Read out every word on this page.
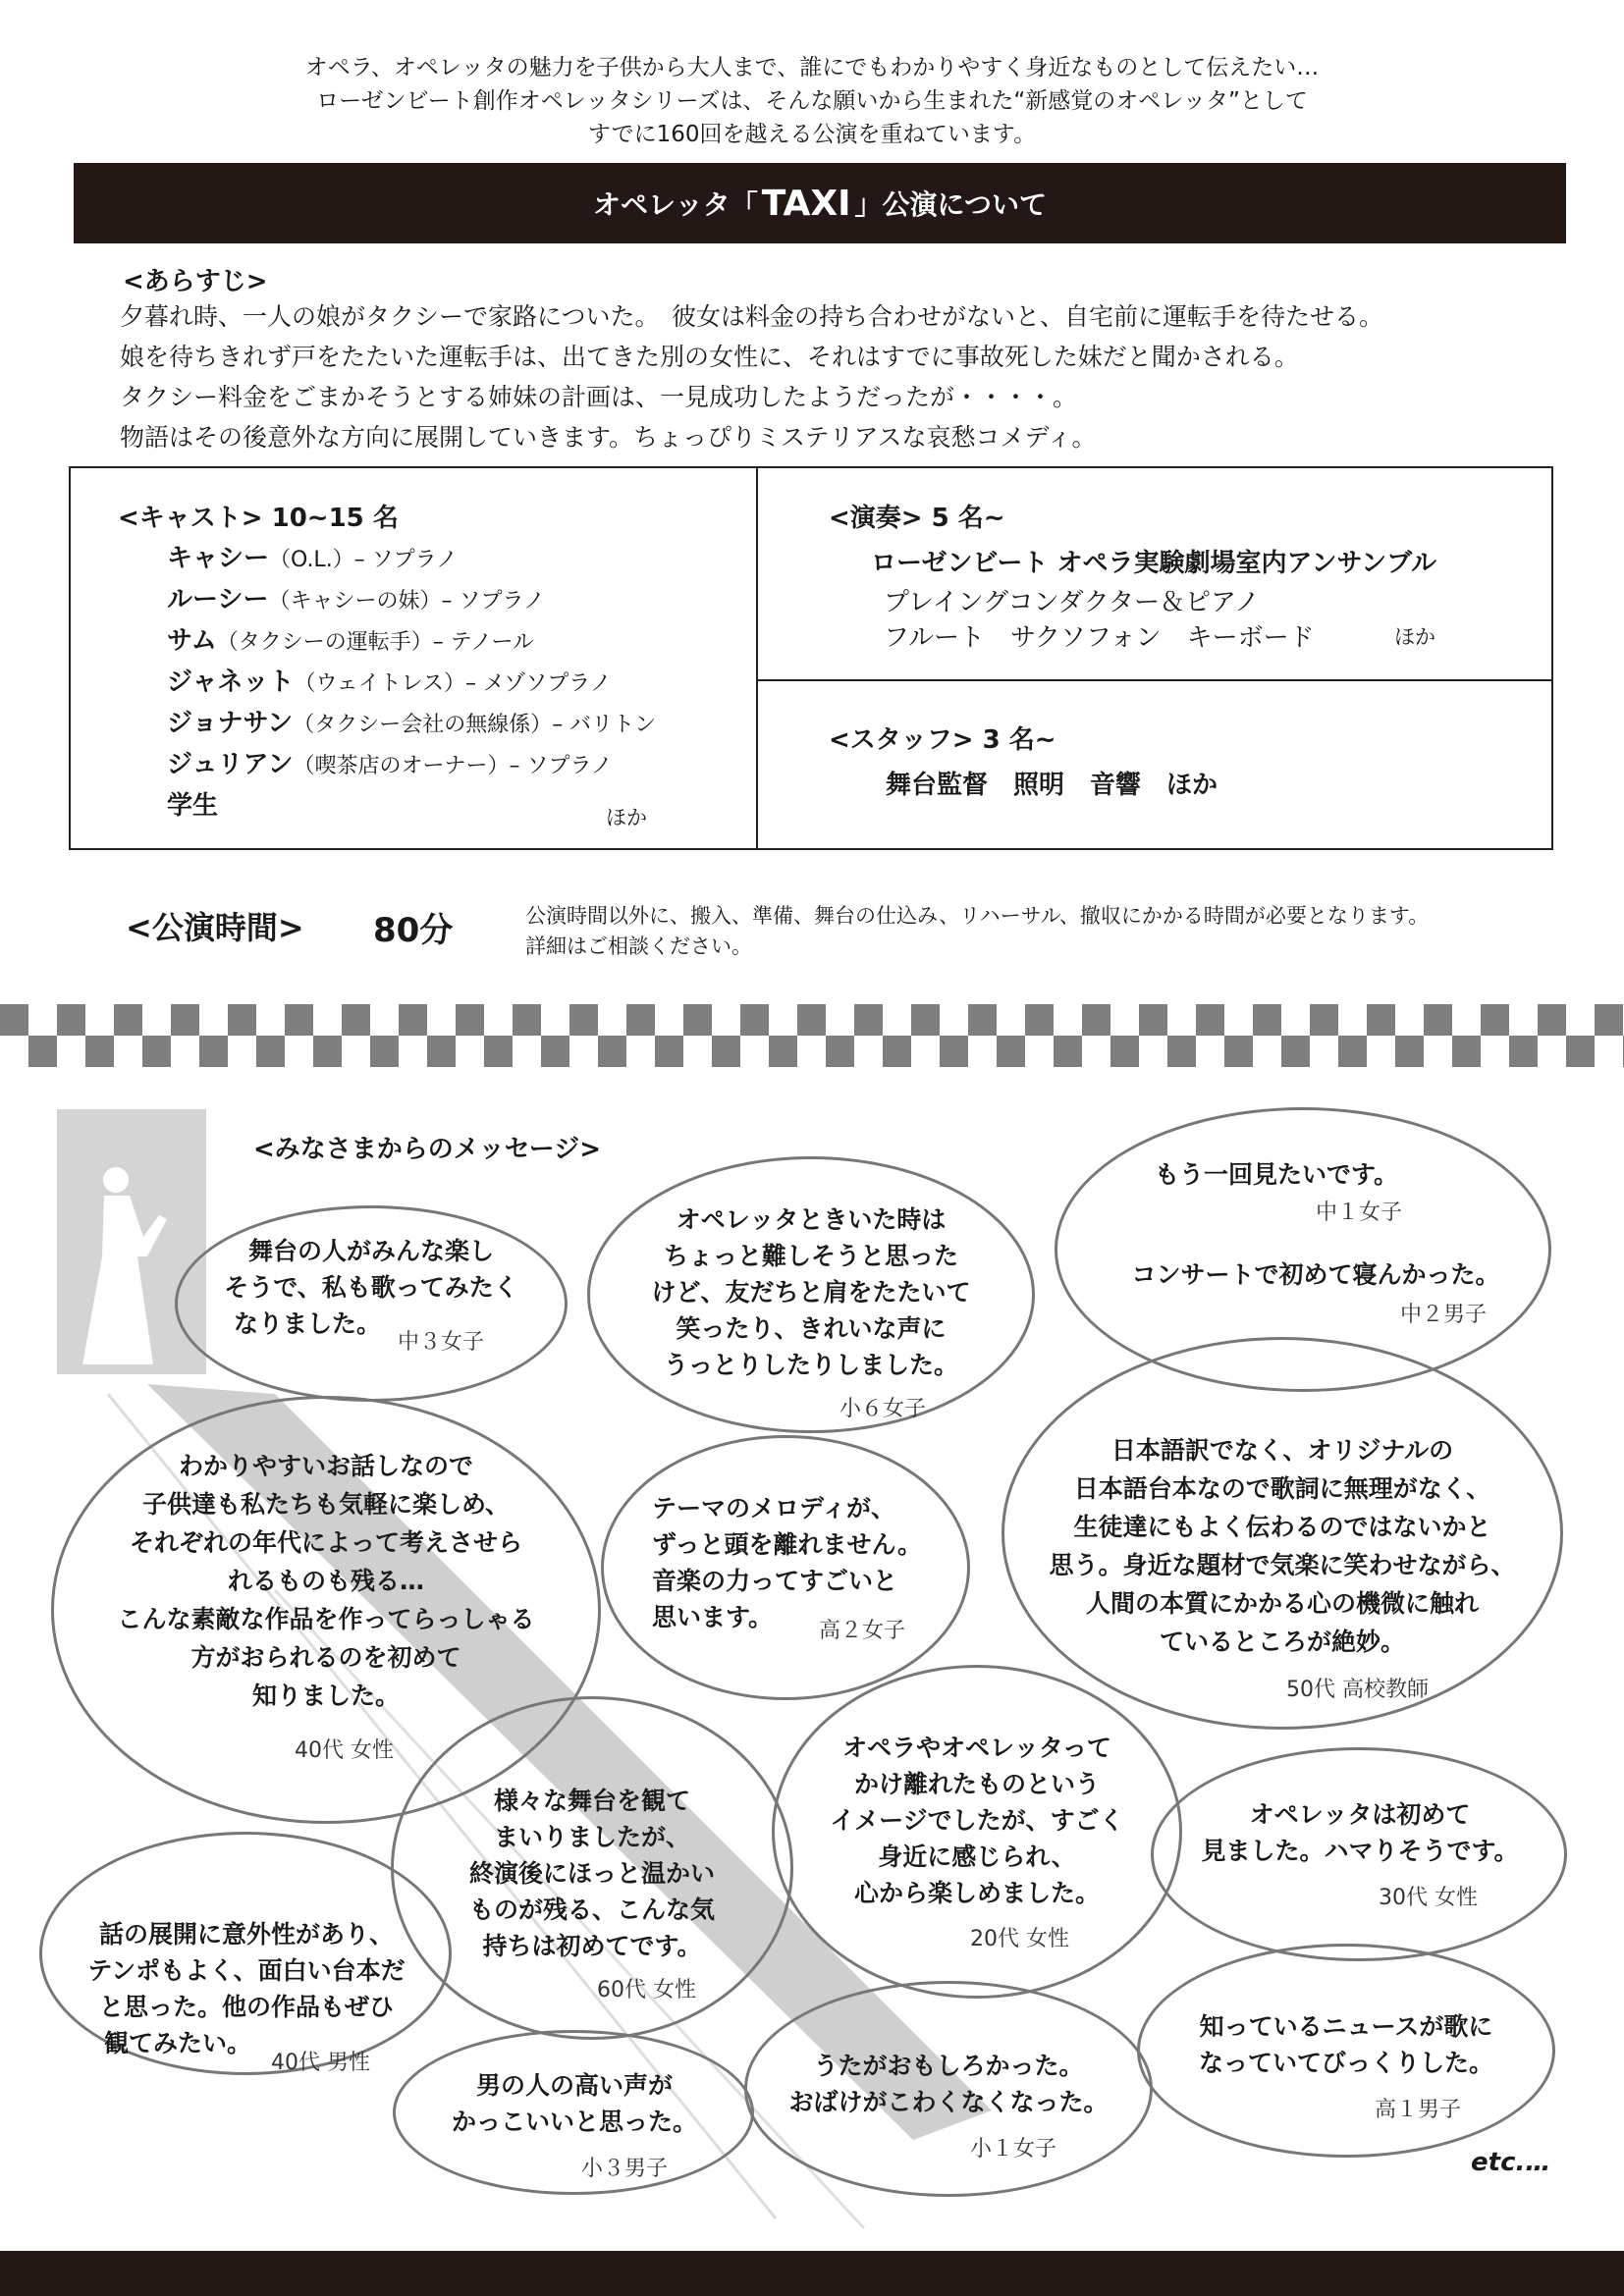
オペラ、オペレッタの魅力を子供から大人まで、誰にでもわかりやすく身近なものとして伝えたい…
ローゼンビート創作オペレッタシリーズは、そんな願いから生まれた“新感覚のオペレッタ”として
すでに160回を越える公演を重ねています。
オペレッタ「 TAXI 」公演について
<あらすじ>
夕暮れ時、一人の娘がタクシーで家路についた。　彼女は料金の持ち合わせがないと、自宅前に運転手を待たせる。
娘を待ちきれず戸をたたいた運転手は、出てきた別の女性に、それはすでに事故死した妹だと聞かされる。
タクシー料金をごまかそうとする姉妹の計画は、一見成功したようだったが・・・・。
物語はその後意外な方向に展開していきます。ちょっぴりミステリアスな哀愁コメディ。
<キャスト> 10~15 名
キャシー（O.L.）– ソプラノ
ルーシー（キャシーの妹）– ソプラノ
サム（タクシーの運転手）– テノール
ジャネット（ウェイトレス）– メゾソプラノ
ジョナサン（タクシー会社の無線係）– バリトン
ジュリアン（喫茶店のオーナー）– ソプラノ
学生	ほか
<演奏> 5 名~
ローゼンビート オペラ実験劇場室内アンサンブル
プレイングコンダクター＆ピアノ
フルート　サクソフォン　キーボード	ほか
<スタッフ> 3 名~
舞台監督　照明　音響　ほか
<公演時間> 80分	公演時間以外に、搬入、準備、舞台の仕込み、リハーサル、撤収にかかる時間が必要となります。
詳細はご相談ください。
<みなさまからのメッセージ>
舞台の人がみんな楽し
そうで、私も歌ってみたく
なりました。
中３女子
オペレッタときいた時は
ちょっと難しそうと思った
けど、友だちと肩をたたいて
笑ったり、きれいな声に
うっとりしたりしました。
小６女子
もう一回見たいです。
中１女子
コンサートで初めて寝んかった。
中２男子
わかりやすいお話しなので
子供達も私たちも気軽に楽しめ、
それぞれの年代によって考えさせら
れるものも残る…
こんな素敵な作品を作ってらっしゃる
方がおられるのを初めて
知りました。
40代 女性
テーマのメロディが、
ずっと頭を離れません。
音楽の力ってすごいと
思います。	高２女子
日本語訳でなく、オリジナルの
日本語台本なので歌詞に無理がなく、
生徒達にもよく伝わるのではないかと
思う。身近な題材で気楽に笑わせながら、
人間の本質にかかる心の機微に触れ
ているところが絶妙。
50代 高校教師
様々な舞台を観て
まいりましたが、
終演後にほっと温かい
ものが残る、こんな気
持ちは初めてです。
60代 女性
オペラやオペレッタって
かけ離れたものという
イメージでしたが、すごく
身近に感じられ、
心から楽しめました。
20代 女性
オペレッタは初めて
見ました。ハマりそうです。
30代 女性
話の展開に意外性があり、
テンポもよく、面白い台本だ
と思った。他の作品もぜひ
観てみたい。
40代 男性
男の人の高い声が
かっこいいと思った。
小３男子
うたがおもしろかった。
おばけがこわくなくなった。
小１女子
知っているニュースが歌に
なっていてびっくりした。
高１男子
etc.…
